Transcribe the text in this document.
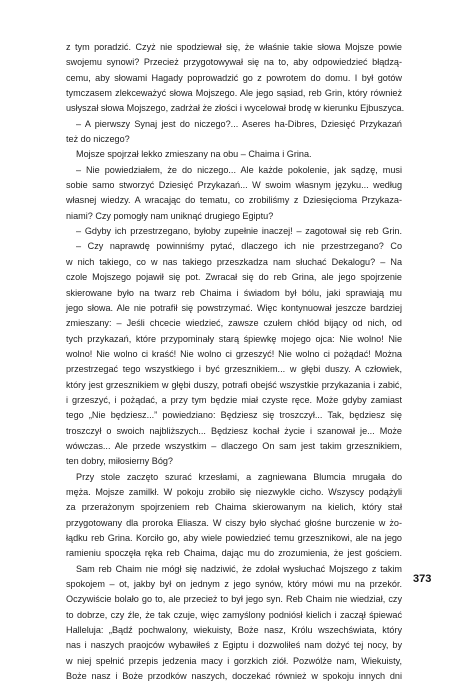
z tym poradzić. Czyż nie spodziewał się, że właśnie takie słowa Mojsze powie
swojemu synowi? Przecież przygotowywał się na to, aby odpowiedzieć błądzą-
cemu, aby słowami Hagady poprowadzić go z powrotem do domu. I był gotów
tymczasem zlekceważyć słowa Mojszego. Ale jego sąsiad, reb Grin, który również
usłyszał słowa Mojszego, zadrżał że złości i wycelował brodę w kierunku Ejbuszyca.
– A pierwszy Synaj jest do niczego?... Aseres ha-Dibres, Dziesięć Przykazań
też do niczego?
Mojsze spojrzał lekko zmieszany na obu – Chaima i Grina.
– Nie powiedziałem, że do niczego... Ale każde pokolenie, jak sądzę, musi
sobie samo stworzyć Dziesięć Przykazań... W swoim własnym języku... według
własnej wiedzy. A wracając do tematu, co zrobiliśmy z Dziesięcioma Przykaza-
niami? Czy pomogły nam uniknąć drugiego Egiptu?
– Gdyby ich przestrzegano, byłoby zupełnie inaczej! – zagotował się reb Grin.
– Czy naprawdę powinniśmy pytać, dlaczego ich nie przestrzegano? Co
w nich takiego, co w nas takiego przeszkadza nam słuchać Dekalogu? – Na
czole Mojszego pojawił się pot. Zwracał się do reb Grina, ale jego spojrzenie
skierowane było na twarz reb Chaima i świadom był bólu, jaki sprawiają mu
jego słowa. Ale nie potrafił się powstrzymać. Więc kontynuował jeszcze bardziej
zmieszany: – Jeśli chcecie wiedzieć, zawsze czułem chłód bijący od nich, od
tych przykazań, które przypominały starą śpiewkę mojego ojca: Nie wolno! Nie
wolno! Nie wolno ci kraść! Nie wolno ci grzeszyć! Nie wolno ci pożądać! Można
przestrzegać tego wszystkiego i być grzesznikiem... w głębi duszy. A człowiek,
który jest grzesznikiem w głębi duszy, potrafi obejść wszystkie przykazania i zabić,
i grzeszyć, i pożądać, a przy tym będzie miał czyste ręce. Może gdyby zamiast
tego „Nie będziesz...” powiedziano: Będziesz się troszczył... Tak, będziesz się
troszczył o swoich najbliższych... Będziesz kochał życie i szanował je... Może
wówczas... Ale przede wszystkim – dlaczego On sam jest takim grzesznikiem,
ten dobry, miłosierny Bóg?
Przy stole zaczęto szurać krzesłami, a zagniewana Blumcia mrugała do
męża. Mojsze zamilkł. W pokoju zrobiło się niezwykle cicho. Wszyscy podążyli
za przerażonym spojrzeniem reb Chaima skierowanym na kielich, który stał
przygotowany dla proroka Eliasza. W ciszy było słychać głośne burczenie w żo-
łądku reb Grina. Korciło go, aby wiele powiedzieć temu grzesznikowi, ale na jego
ramieniu spoczęła ręka reb Chaima, dając mu do zrozumienia, że jest gościem.
Sam reb Chaim nie mógł się nadziwić, że zdołał wysłuchać Mojszego z takim
spokojem – ot, jakby był on jednym z jego synów, który mówi mu na przekór.
Oczywiście bolało go to, ale przecież to był jego syn. Reb Chaim nie wiedział, czy
to dobrze, czy źle, że tak czuje, więc zamyślony podniósł kielich i zaczął śpiewać
Halleluja: „Bądź pochwalony, wiekuisty, Boże nasz, Królu wszechświata, który
nas i naszych praojców wybawiłeś z Egiptu i dozwoliłeś nam dożyć tej nocy, by
w niej spełnić przepis jedzenia macy i gorzkich ziół. Pozwólże nam, Wiekuisty,
Boże nasz i Boże przodków naszych, doczekać również w spokoju innych dni
373
